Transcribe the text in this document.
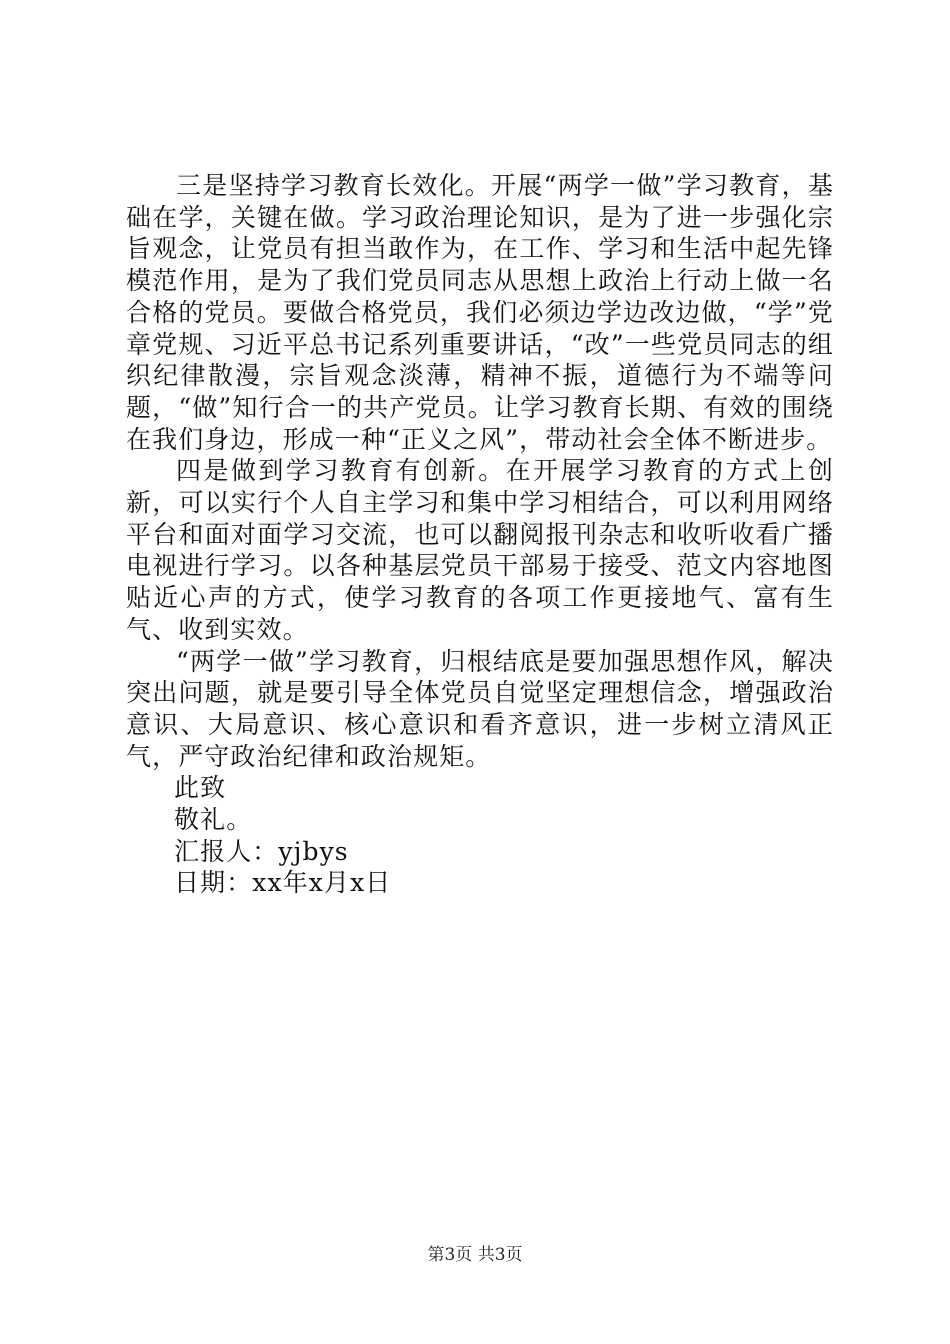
三是坚持学习教育长效化。开展“两学一做”学习教育，基础在学，关键在做。学习政治理论知识，是为了进一步强化宗旨观念，让党员有担当敢作为，在工作、学习和生活中起先锋模范作用，是为了我们党员同志从思想上政治上行动上做一名合格的党员。要做合格党员，我们必须边学边改边做，“学”党章党规、习近平总书记系列重要讲话，“改”一些党员同志的组织纪律散漫，宗旨观念淡薄，精神不振，道德行为不端等问题，“做”知行合一的共产党员。让学习教育长期、有效的围绕在我们身边，形成一种“正义之风”，带动社会全体不断进步。

四是做到学习教育有创新。在开展学习教育的方式上创新，可以实行个人自主学习和集中学习相结合，可以利用网络平台和面对面学习交流，也可以翻阅报刊杂志和收听收看广播电视进行学习。以各种基层党员干部易于接受、范文内容地图贴近心声的方式，使学习教育的各项工作更接地气、富有生气、收到实效。

“两学一做”学习教育，归根结底是要加强思想作风，解决突出问题，就是要引导全体党员自觉坚定理想信念，增强政治意识、大局意识、核心意识和看齐意识，进一步树立清风正气，严守政治纪律和政治规矩。

此致

敬礼。

汇报人：yjbys

日期：xx年x月x日

第3页 共3页
